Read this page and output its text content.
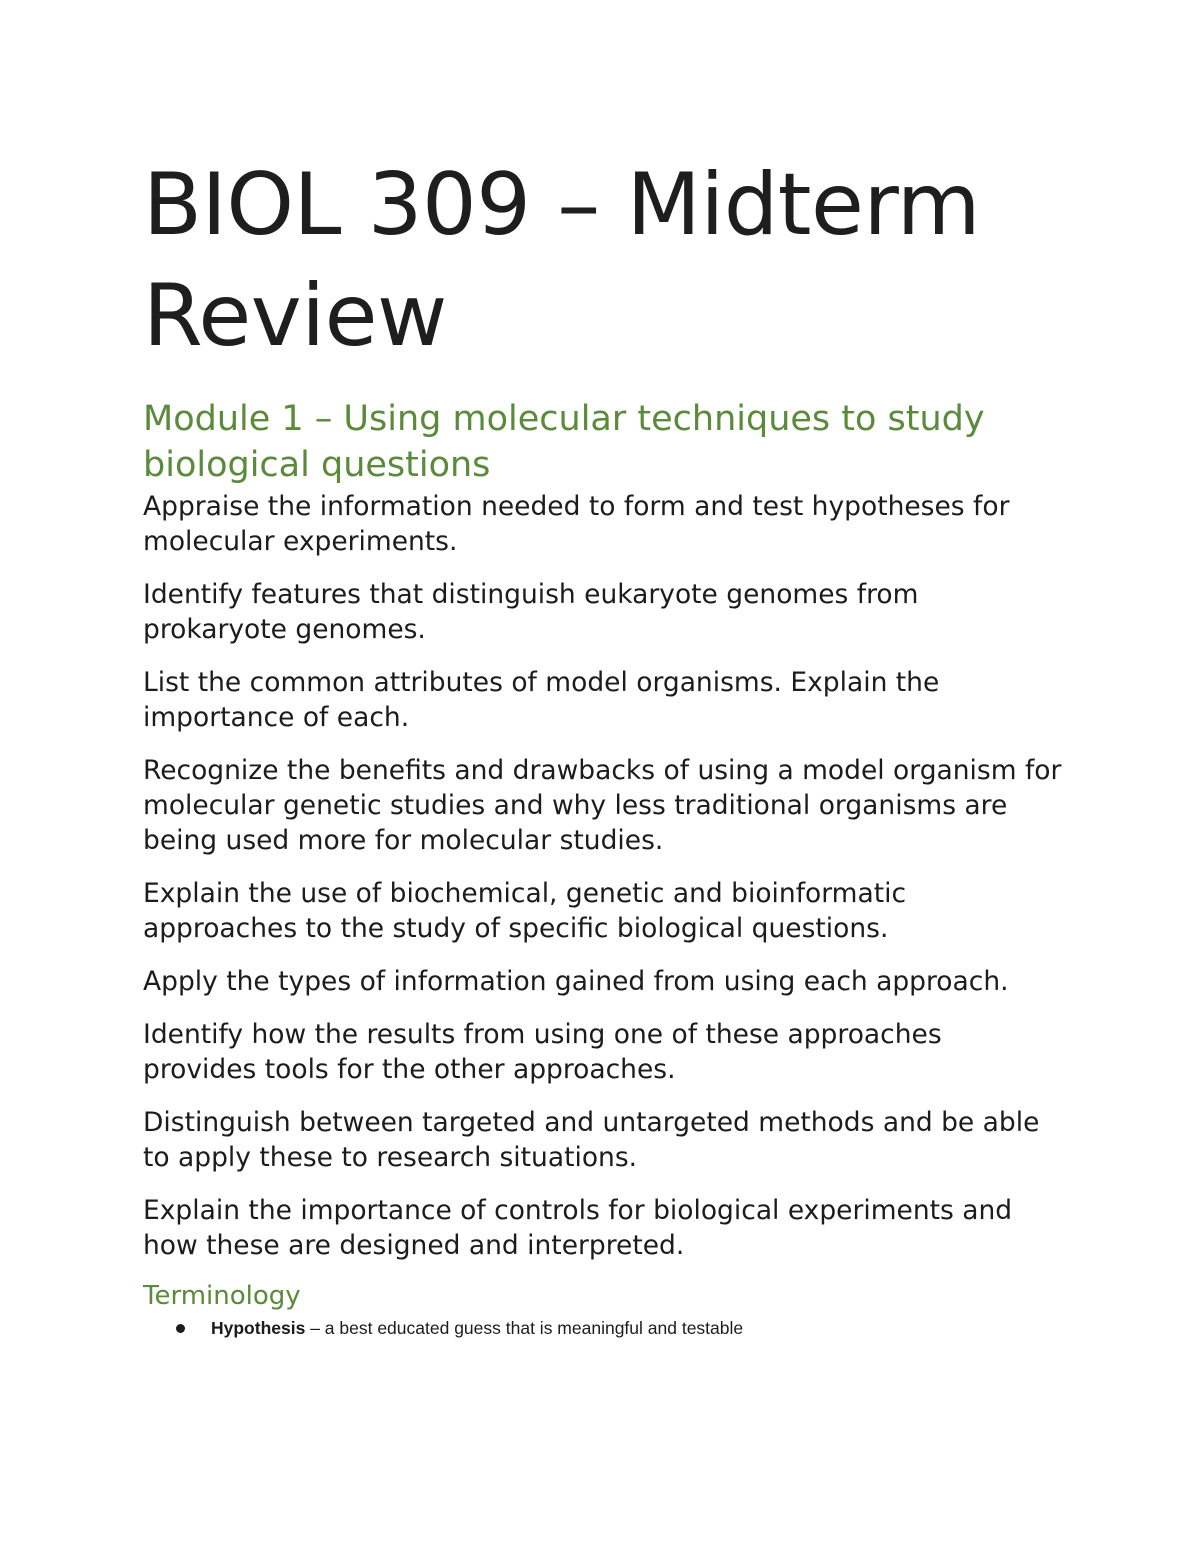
BIOL 309 – Midterm
Review
Module 1 – Using molecular techniques to study biological questions

Appraise the information needed to form and test hypotheses for molecular experiments.

Identify features that distinguish eukaryote genomes from prokaryote genomes.

List the common attributes of model organisms. Explain the importance of each.

Recognize the benefits and drawbacks of using a model organism for molecular genetic studies and why less traditional organisms are being used more for molecular studies.

Explain the use of biochemical, genetic and bioinformatic approaches to the study of specific biological questions.

Apply the types of information gained from using each approach.

Identify how the results from using one of these approaches provides tools for the other approaches.

Distinguish between targeted and untargeted methods and be able to apply these to research situations.

Explain the importance of controls for biological experiments and how these are designed and interpreted.

Terminology
Hypothesis – a best educated guess that is meaningful and testable
